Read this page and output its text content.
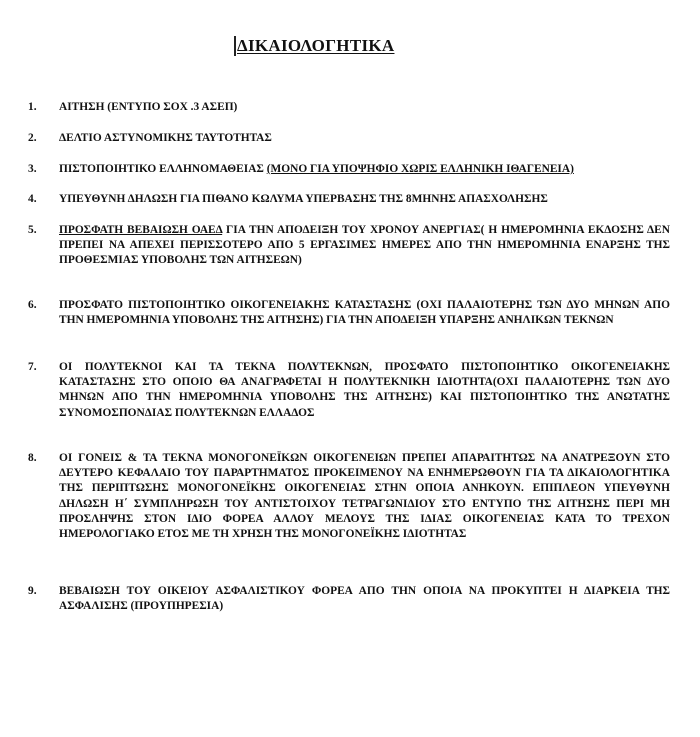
ΔΙΚΑΙΟΛΟΓΗΤΙΚΑ
1. ΑΙΤΗΣΗ (ΕΝΤΥΠΟ ΣΟΧ .3 ΑΣΕΠ)
2. ΔΕΛΤΙΟ ΑΣΤΥΝΟΜΙΚΗΣ ΤΑΥΤΟΤΗΤΑΣ
3. ΠΙΣΤΟΠΟΙΗΤΙΚΟ ΕΛΛΗΝΟΜΑΘΕΙΑΣ (ΜΟΝΟ ΓΙΑ ΥΠΟΨΗΦΙΟ ΧΩΡΙΣ ΕΛΛΗΝΙΚΗ ΙΘΑΓΕΝΕΙΑ)
4. ΥΠΕΥΘΥΝΗ ΔΗΛΩΣΗ ΓΙΑ ΠΙΘΑΝΟ ΚΩΛΥΜΑ ΥΠΕΡΒΑΣΗΣ ΤΗΣ 8ΜΗΝΗΣ ΑΠΑΣΧΟΛΗΣΗΣ
5. ΠΡΟΣΦΑΤΗ ΒΕΒΑΙΩΣΗ ΟΑΕΔ ΓΙΑ ΤΗΝ ΑΠΟΔΕΙΞΗ ΤΟΥ ΧΡΟΝΟΥ ΑΝΕΡΓΙΑΣ( Η ΗΜΕΡΟΜΗΝΙΑ ΕΚΔΟΣΗΣ ΔΕΝ ΠΡΕΠΕΙ ΝΑ ΑΠΕΧΕΙ ΠΕΡΙΣΣΟΤΕΡΟ ΑΠΟ 5 ΕΡΓΑΣΙΜΕΣ ΗΜΕΡΕΣ ΑΠΟ ΤΗΝ ΗΜΕΡΟΜΗΝΙΑ ΕΝΑΡΞΗΣ ΤΗΣ ΠΡΟΘΕΣΜΙΑΣ ΥΠΟΒΟΛΗΣ ΤΩΝ ΑΙΤΗΣΕΩΝ)
6. ΠΡΟΣΦΑΤΟ ΠΙΣΤΟΠΟΙΗΤΙΚΟ ΟΙΚΟΓΕΝΕΙΑΚΗΣ ΚΑΤΑΣΤΑΣΗΣ (ΟΧΙ ΠΑΛΑΙΟΤΕΡΗΣ ΤΩΝ ΔΥΟ ΜΗΝΩΝ ΑΠΟ ΤΗΝ ΗΜΕΡΟΜΗΝΙΑ ΥΠΟΒΟΛΗΣ ΤΗΣ ΑΙΤΗΣΗΣ) ΓΙΑ ΤΗΝ ΑΠΟΔΕΙΞΗ ΥΠΑΡΞΗΣ ΑΝΗΛΙΚΩΝ ΤΕΚΝΩΝ
7. ΟΙ ΠΟΛΥΤΕΚΝΟΙ ΚΑΙ ΤΑ ΤΕΚΝΑ ΠΟΛΥΤΕΚΝΩΝ, ΠΡΟΣΦΑΤΟ ΠΙΣΤΟΠΟΙΗΤΙΚΟ ΟΙΚΟΓΕΝΕΙΑΚΗΣ ΚΑΤΑΣΤΑΣΗΣ ΣΤΟ ΟΠΟΙΟ ΘΑ ΑΝΑΓΡΑΦΕΤΑΙ Η ΠΟΛΥΤΕΚΝΙΚΗ ΙΔΙΟΤΗΤΑ(ΟΧΙ ΠΑΛΑΙΟΤΕΡΗΣ ΤΩΝ ΔΥΟ ΜΗΝΩΝ ΑΠΟ ΤΗΝ ΗΜΕΡΟΜΗΝΙΑ ΥΠΟΒΟΛΗΣ ΤΗΣ ΑΙΤΗΣΗΣ) ΚΑΙ ΠΙΣΤΟΠΟΙΗΤΙΚΟ ΤΗΣ ΑΝΩΤΑΤΗΣ ΣΥΝΟΜΟΣΠΟΝΔΙΑΣ ΠΟΛΥΤΕΚΝΩΝ ΕΛΛΑΔΟΣ
8. ΟΙ ΓΟΝΕΙΣ & ΤΑ ΤΕΚΝΑ ΜΟΝΟΓΟΝΕΪΚΩΝ ΟΙΚΟΓΕΝΕΙΩΝ ΠΡΕΠΕΙ ΑΠΑΡΑΙΤΗΤΩΣ ΝΑ ΑΝΑΤΡΕΞΟΥΝ ΣΤΟ ΔΕΥΤΕΡΟ ΚΕΦΑΛΑΙΟ ΤΟΥ ΠΑΡΑΡΤΗΜΑΤΟΣ ΠΡΟΚΕΙΜΕΝΟΥ ΝΑ ΕΝΗΜΕΡΩΘΟΥΝ ΓΙΑ ΤΑ ΔΙΚΑΙΟΛΟΓΗΤΙΚΑ ΤΗΣ ΠΕΡΙΠΤΩΣΗΣ ΜΟΝΟΓΟΝΕΪΚΗΣ ΟΙΚΟΓΕΝΕΙΑΣ ΣΤΗΝ ΟΠΟΙΑ ΑΝΗΚΟΥΝ. ΕΠΙΠΛΕΟΝ ΥΠΕΥΘΥΝΗ ΔΗΛΩΣΗ Η΄ ΣΥΜΠΛΗΡΩΣΗ ΤΟΥ ΑΝΤΙΣΤΟΙΧΟΥ ΤΕΤΡΑΓΩΝΙΔΙΟΥ ΣΤΟ ΕΝΤΥΠΟ ΤΗΣ ΑΙΤΗΣΗΣ ΠΕΡΙ ΜΗ ΠΡΟΣΛΗΨΗΣ ΣΤΟΝ ΙΔΙΟ ΦΟΡΕΑ ΑΛΛΟΥ ΜΕΛΟΥΣ ΤΗΣ ΙΔΙΑΣ ΟΙΚΟΓΕΝΕΙΑΣ ΚΑΤΑ ΤΟ ΤΡΕΧΟΝ ΗΜΕΡΟΛΟΓΙΑΚΟ ΕΤΟΣ ΜΕ ΤΗ ΧΡΗΣΗ ΤΗΣ ΜΟΝΟΓΟΝΕΪΚΗΣ ΙΔΙΟΤΗΤΑΣ
9. ΒΕΒΑΙΩΣΗ ΤΟΥ ΟΙΚΕΙΟΥ ΑΣΦΑΛΙΣΤΙΚΟΥ ΦΟΡΕΑ ΑΠΟ ΤΗΝ ΟΠΟΙΑ ΝΑ ΠΡΟΚΥΠΤΕΙ Η ΔΙΑΡΚΕΙΑ ΤΗΣ ΑΣΦΑΛΙΣΗΣ (ΠΡΟΥΠΗΡΕΣΙΑ)
